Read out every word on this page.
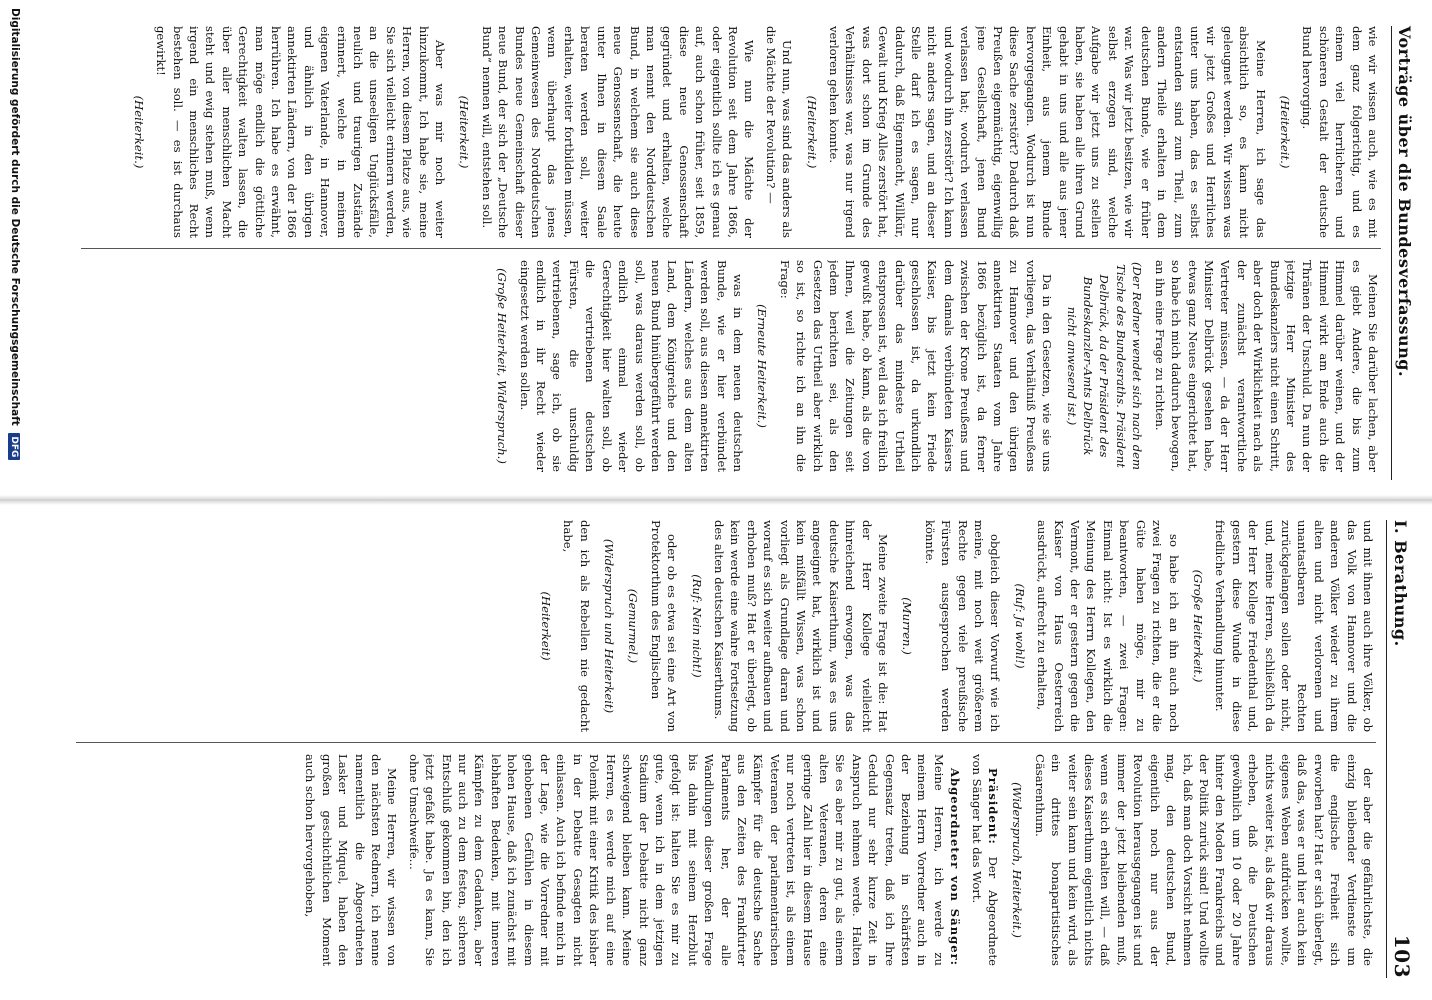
Vorträge über die Bundesverfassung.

wie wir wissen auch, wie es mit dem ganz folgerichtig, und es einem viel herrlicheren und schöneren Gestalt der deutsche Bund hervorging.

(Heiterkeit.)

Meine Herren, ich sage das absichtlich so, es kann nicht geleugnet werden. Wir wissen was wir jetzt Großes und Herrliches unter uns haben, das es selbst entstanden sind zum Theil, zum andern Theile erhalten in dem deutschen Bunde, wie er früher war. Was wir jetzt besitzen, wie wir selbst erzogen sind, welche Aufgabe wir jetzt uns zu stellen haben, sie haben alle ihren Grund gehabt in uns und alle aus jener Einheit, aus jenem Bunde hervorgegangen. Wodurch ist nun diese Sache zerstört? Dadurch daß Preußen eigenmächtig, eigenwillig jene Gesellschaft, jenen Bund verlassen hat; wodurch verlassen und wodurch ihn zerstört? Ich kann nicht anders sagen, und an dieser Stelle darf ich es sagen, nur dadurch, daß Eigenmacht, Willkür, Gewalt und Krieg Alles zerstört hat, was dort schon im Grunde des Verhältnisses war, was nur irgend verloren gehen konnte.

(Heiterkeit.)

Und nun, was sind das anders als die Mächte der Revolution? —

Wie nun die Mächte der Revolution seit dem Jahre 1866, oder eigentlich sollte ich es genau auf, auch schon früher, seit 1859, diese neue Genossenschaft gegründet und erhalten, welche man nennt den Norddeutschen Bund, in welchem sie auch diese neue Genossenschaft, die heute unter Ihnen in diesem Saale beraten werden soll, weiter erhalten, weiter fortbilden müssen, wenn überhaupt das jenes Gemeinwesen des Norddeutschen Bundes neue Gemeinschaft dieser neue Bund, der sich der „Deutsche Bund“ nennen will, entstehen soll.

(Heiterkeit.)

Aber was mir noch weiter hinzukommt, Ich habe sie, meine Herren, von diesem Platze aus, wie Sie sich vielleicht erinnern werden, an die unseeligen Unglücksfälle, neulich und traurigen Zustände erinnert, welche in meinem eigenen Vaterlande, in Hannover, und ähnlich in den übrigen annektirten Ländern, von der 1866 herrühren. Ich habe es erwähnt, man möge endlich die göttliche Gerechtigkeit walten lassen, die über aller menschlichen Macht steht und ewig stehen muß, wenn irgend ein menschliches Recht bestehen soll. — es ist durchaus gewirkt!

(Heiterkeit.)

Meinen Sie darüber lachen, aber es giebt Andere, die bis zum Himmel darüber weinen, und der Himmel wirkt am Ende auch die Thränen der Unschuld. Da nun der jetzige Herr Minister des Bundeskanzlers nicht einen Schritt, aber doch der Wirklichkeit nach als der zunächst verantwortliche Vertreter müssen, — da der Herr Minister Delbrück gesehen habe, etwas ganz Neues eingerichtet hat, so habe ich mich dadurch bewogen, an ihn eine Frage zu richten.

(Der Redner wendet sich nach dem Tische des Bundesraths. Präsident Delbrück, da der Präsident des Bundeskanzler-Amts Delbrück nicht anwesend ist.)

Da in den Gesetzen, wie sie uns vorliegen, das Verhältniß Preußens zu Hannover und den übrigen annektirten Staaten vom Jahre 1866 bezüglich ist, da ferner zwischen der Krone Preußens und dem damals verbündeten Kaisers Kaiser, bis jetzt kein Friede geschlossen ist, da urkundlich darüber das mindeste Urtheil entsprossen ist, weil das ich freilich gewußt habe, ob kann, als die von Ihnen, weil die Zeitungen seit jedem berichten sei, als den Gesetzen das Urtheil aber wirklich so ist, so richte ich an ihn die Frage:

(Erneute Heiterkeit.)

was in dem neuen deutschen Bunde, wie er hier verbündet werden soll, aus diesen annektirten Ländern, welches aus dem alten Land, dem Königreiche und den neuen Bund hinübergeführt werden soll, was daraus werden soll, ob endlich einmal wieder Gerechtigkeit hier walten soll, ob die vertriebenen deutschen Fürsten, die unschuldig vertriebenen, sage ich, ob sie endlich in ihr Recht wieder eingesetzt werden sollen.

(Große Heiterkeit, Widerspruch.)

I. Berathung.
103

und mit ihnen auch ihre Völker, ob das Volk von Hannover und die anderen Völker wieder zu ihrem alten und nicht verlorenen und unantastbaren Rechten zurückgelangen sollen oder nicht, und, meine Herren, schließlich da der Herr Kollege Friedenthal und, gestern diese Wunde in diese friedliche Verhandlung hinunter.

(Große Heiterkeit.)

so habe ich an ihn auch noch zwei Fragen zu richten, die er die Güte haben möge, mir zu beantworten, — zwei Fragen: Einmal nicht: Ist es wirklich die Meinung des Herrn Kollegen, den Vermont, der er gestern gegen die Kaiser von Haus Oesterreich ausdrückt, aufrecht zu erhalten,

(Ruf: Ja wohl!)

obgleich dieser Vorwurf wie ich meine, mit noch weit größerem Rechte gegen viele preußische Fürsten ausgesprochen werden könnte.

(Murren.)

Meine zweite Frage ist die: Hat der Herr Kollege vielleicht hinreichend erwogen, was das deutsche Kaiserthum, was es uns angeeignet hat, wirklich ist und kein mißfällt Wissen, was schon vorliegt als Grundlage daran und worauf es sich weiter aufbauen und erhoben muß? Hat er überlegt, ob kein werde eine wahre Fortsetzung des alten deutschen Kaiserthums.

(Ruf: Nein nicht!)

oder ob es etwa sei eine Art von Protektorthum des Englischen

(Gemurmel,)

(Widerspruch und Heiterkeit)

den ich als Rebellen nie gedacht habe,

(Heiterkeit)

der aber die gefährlichste, die einzig bleibender Verdienste um die englische Freiheit sich erworben hat? Hat er sich überlegt, daß das, was er und hier auch kein eigenes Weben aufdrücken wollte, nichts weiter ist, als daß wir daraus erheben, daß die Deutschen gewöhnlich um 10 oder 20 Jahre hinter den Moden Frankreichs und der Politik zurück sind! Und wollte ich, daß man doch Vorsicht nehmen mag, den deutschen Bund, eigentlich noch nur aus der Revolution herausgegangen ist und immer der jetzt bleibenden muß, wenn es sich erhalten will, — daß dieses Kaiserthum eigentlich nichts weiter sein kann und kein wird, als ein drittes bonapartistisches Cäsarenthum.

(Widerspruch, Heiterkeit.)

Präsident: Der Abgeordnete von Sänger hat das Wort.

Abgeordneter von Sänger: Meine Herren, ich werde zu meinem Herrn Vorredner auch in der Beziehung in schärfsten Gegensatz treten, daß ich Ihre Geduld nur sehr kurze Zeit in Anspruch nehmen werde. Halten Sie es aber mir zu gut, als einem alten Veteranen, deren eine geringe Zahl hier in diesem Hause nur noch vertreten ist, als einem Veteranen der parlamentarischen Kämpfer für die deutsche Sache aus den Zeiten des Frankfurter Parlaments her, der alle Wandlungen dieser großen Frage bis dahin mit seinem Herzblut gefolgt ist: halten Sie es mir zu gute, wenn ich in dem jetzigen Stadium der Debatte nicht ganz schweigend bleiben kann. Meine Herren, es werde mich auf eine Polemik mit einer Kritik des bisher in der Debatte Gesagten nicht einlassen. Auch ich befinde mich in der Lage, wie die Vorredner mit gehobenen Gefühlen in diesem hohen Hause, daß ich zunächst mit lebhaften Bedenken, mit inneren Kämpfen zu dem Gedanken, aber nur auch zu dem festen, sicheren Entschluß gekommen bin, den ich jetzt gefaßt habe. Ja es kann, Sie ohne Umschweife...

Meine Herren, wir wissen von den nächsten Rednern, ich nenne namentlich die Abgeordneten Lasker und Miquel, haben den großen geschichtlichen Moment auch schon hervorgehoben,

Digitalisierung gefördert durch die Deutsche Forschungsgemeinschaft DFG
